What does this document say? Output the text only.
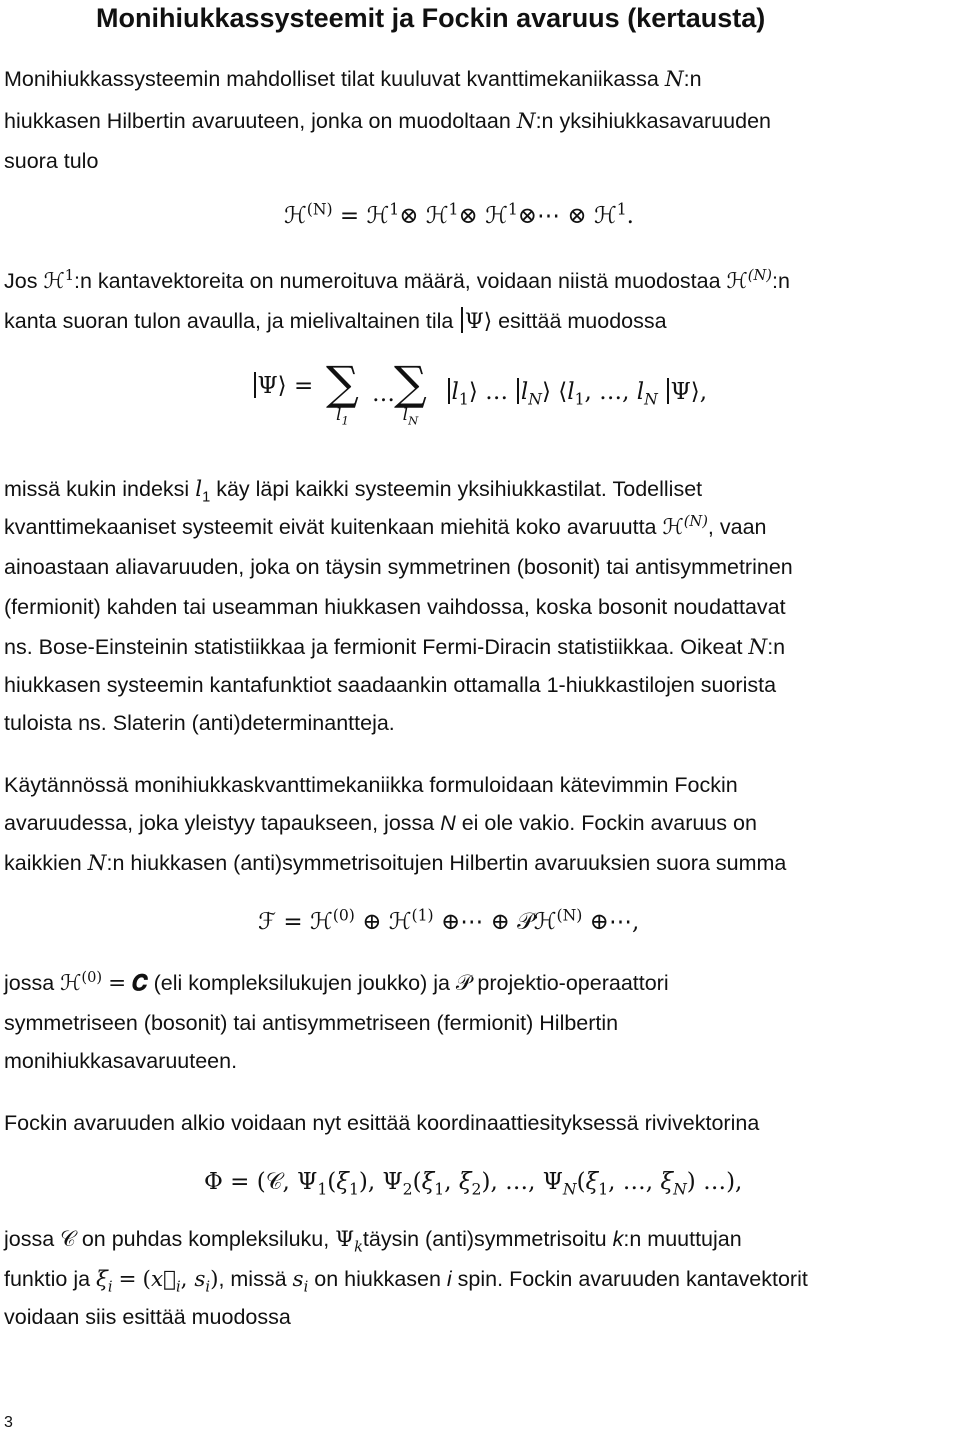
Monihiukkassysteemit ja Fockin avaruus (kertausta)
Monihiukkassysteemin mahdolliset tilat kuuluvat kvanttimekaniikassa N:n
hiukkasen Hilbertin avaruuteen, jonka on muodoltaan N:n yksihiukkasavaruuden
suora tulo
ℋ$^{(N)}$ = ℋ$^1$⊗ ℋ$^1$⊗ ℋ$^1$⊗⋯ ⊗ ℋ$^1$.
Jos ℋ$^1$:n kantavektoreita on numeroituva määrä, voidaan niistä muodostaa ℋ$^{(N)}$:n
kanta suoran tulon avaulla, ja mielivaltainen tila Ψ⟩ esittää muodossa
Ψ⟩ = ∑
$l_1$
… ∑
$l_N$
$l_1⟩$ … $l_N⟩$ $⟨l_1$, …, $l_N$ Ψ⟩,
missä kukin indeksi $l_1$ käy läpi kaikki systeemin yksihiukkastilat. Todelliset
kvanttimekaaniset systeemit eivät kuitenkaan miehitä koko avaruutta ℋ$^{(N)}$, vaan
ainoastaan aliavaruuden, joka on täysin symmetrinen (bosonit) tai antisymmetrinen
(fermionit) kahden tai useamman hiukkasen vaihdossa, koska bosonit noudattavat
ns. Bose-Einsteinin statistiikkaa ja fermionit Fermi-Diracin statistiikkaa. Oikeat N:n
hiukkasen systeemin kantafunktiot saadaankin ottamalla 1-hiukkastilojen suorista
tuloista ns. Slaterin (anti)determinantteja.
Käytännössä monihiukkaskvanttimekaniikka formuloidaan kätevimmin Fockin
avaruudessa, joka yleistyy tapaukseen, jossa N ei ole vakio. Fockin avaruus on
kaikkien N:n hiukkasen (anti)symmetrisoitujen Hilbertin avaruuksien suora summa
ℱ = ℋ$^{(0)}$ ⊕ ℋ$^{(1)}$ ⊕⋯ ⊕ 𝒫ℋ$^{(N)}$ ⊕⋯,
jossa ℋ$^{(0)}$ = 𝑪 (eli kompleksilukujen joukko) ja 𝒫 projektio-operaattori
symmetriseen (bosonit) tai antisymmetriseen (fermionit) Hilbertin
monihiukkasavaruuteen.
Fockin avaruuden alkio voidaan nyt esittää koordinaattiesityksessä rivivektorina
Φ = (𝒞, $\Psi_1(\xi_1)$, $\Psi_2(\xi_1$, $\xi_2$), …, $\Psi_N(\xi_1$, …, $\xi_N$) …),
jossa 𝒞 on puhdas kompleksiluku, $\Psi_ktäysin$ (anti)symmetrisoitu k:n muuttujan
funktio ja $\xi_i$ = ($x⃗_i$, $s_i$), missä $s_i$ on hiukkasen i spin. Fockin avaruuden kantavektorit
voidaan siis esittää muodossa
3
